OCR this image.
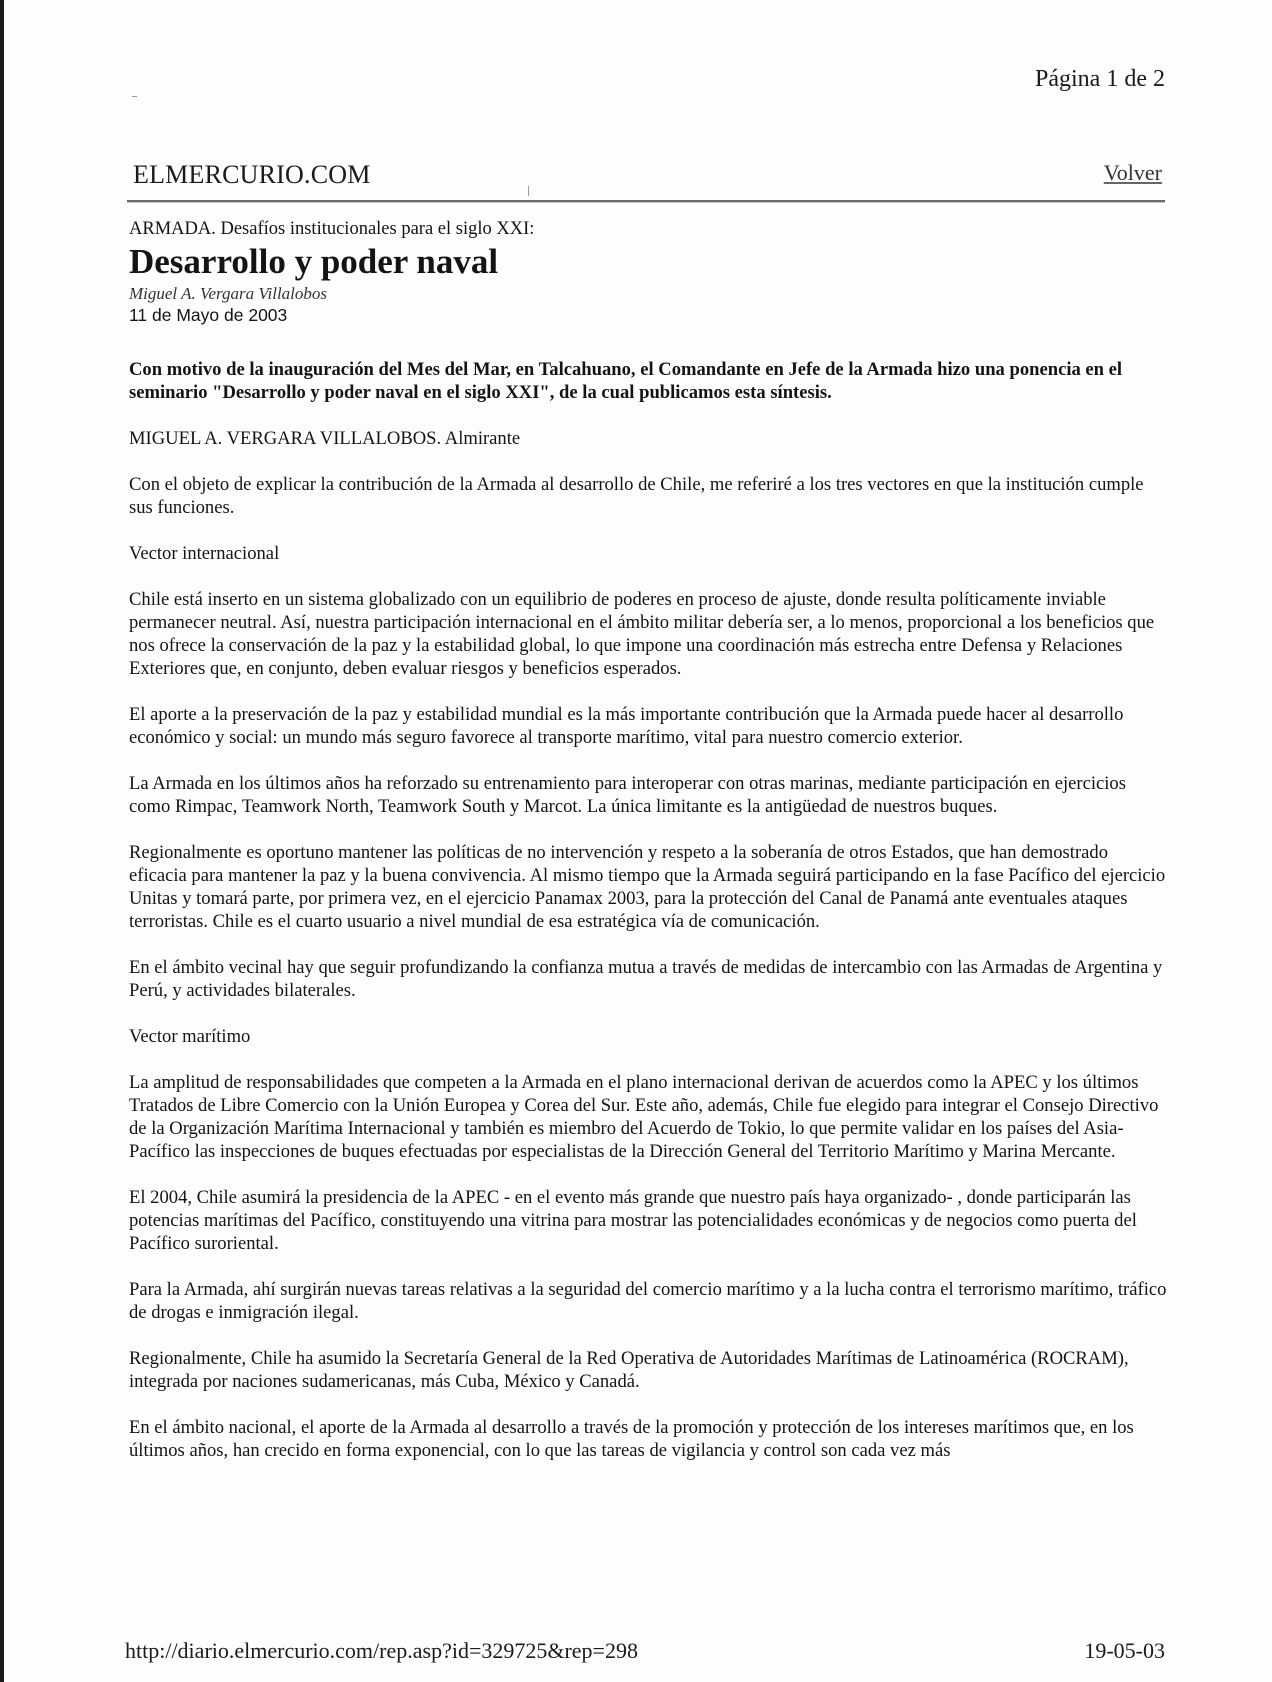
Página 1 de 2
ELMERCURIO.COM	Volver

ARMADA. Desafíos institucionales para el siglo XXI:

Desarrollo y poder naval

Miguel A. Vergara Villalobos

11 de Mayo de 2003

Con motivo de la inauguración del Mes del Mar, en Talcahuano, el Comandante en Jefe de la Armada hizo una ponencia en el seminario "Desarrollo y poder naval en el siglo XXI", de la cual publicamos esta síntesis.

MIGUEL A. VERGARA VILLALOBOS. Almirante

Con el objeto de explicar la contribución de la Armada al desarrollo de Chile, me referiré a los tres vectores en que la institución cumple sus funciones.

Vector internacional

Chile está inserto en un sistema globalizado con un equilibrio de poderes en proceso de ajuste, donde resulta políticamente inviable permanecer neutral. Así, nuestra participación internacional en el ámbito militar debería ser, a lo menos, proporcional a los beneficios que nos ofrece la conservación de la paz y la estabilidad global, lo que impone una coordinación más estrecha entre Defensa y Relaciones Exteriores que, en conjunto, deben evaluar riesgos y beneficios esperados.

El aporte a la preservación de la paz y estabilidad mundial es la más importante contribución que la Armada puede hacer al desarrollo económico y social: un mundo más seguro favorece al transporte marítimo, vital para nuestro comercio exterior.

La Armada en los últimos años ha reforzado su entrenamiento para interoperar con otras marinas, mediante participación en ejercicios como Rimpac, Teamwork North, Teamwork South y Marcot. La única limitante es la antigüedad de nuestros buques.

Regionalmente es oportuno mantener las políticas de no intervención y respeto a la soberanía de otros Estados, que han demostrado eficacia para mantener la paz y la buena convivencia. Al mismo tiempo que la Armada seguirá participando en la fase Pacífico del ejercicio Unitas y tomará parte, por primera vez, en el ejercicio Panamax 2003, para la protección del Canal de Panamá ante eventuales ataques terroristas. Chile es el cuarto usuario a nivel mundial de esa estratégica vía de comunicación.

En el ámbito vecinal hay que seguir profundizando la confianza mutua a través de medidas de intercambio con las Armadas de Argentina y Perú, y actividades bilaterales.

Vector marítimo

La amplitud de responsabilidades que competen a la Armada en el plano internacional derivan de acuerdos como la APEC y los últimos Tratados de Libre Comercio con la Unión Europea y Corea del Sur. Este año, además, Chile fue elegido para integrar el Consejo Directivo de la Organización Marítima Internacional y también es miembro del Acuerdo de Tokio, lo que permite validar en los países del Asia-Pacífico las inspecciones de buques efectuadas por especialistas de la Dirección General del Territorio Marítimo y Marina Mercante.

El 2004, Chile asumirá la presidencia de la APEC - en el evento más grande que nuestro país haya organizado- , donde participarán las potencias marítimas del Pacífico, constituyendo una vitrina para mostrar las potencialidades económicas y de negocios como puerta del Pacífico suroriental.

Para la Armada, ahí surgirán nuevas tareas relativas a la seguridad del comercio marítimo y a la lucha contra el terrorismo marítimo, tráfico de drogas e inmigración ilegal.

Regionalmente, Chile ha asumido la Secretaría General de la Red Operativa de Autoridades Marítimas de Latinoamérica (ROCRAM), integrada por naciones sudamericanas, más Cuba, México y Canadá.

En el ámbito nacional, el aporte de la Armada al desarrollo a través de la promoción y protección de los intereses marítimos que, en los últimos años, han crecido en forma exponencial, con lo que las tareas de vigilancia y control son cada vez más

http://diario.elmercurio.com/rep.asp?id=329725&rep=298	19-05-03
